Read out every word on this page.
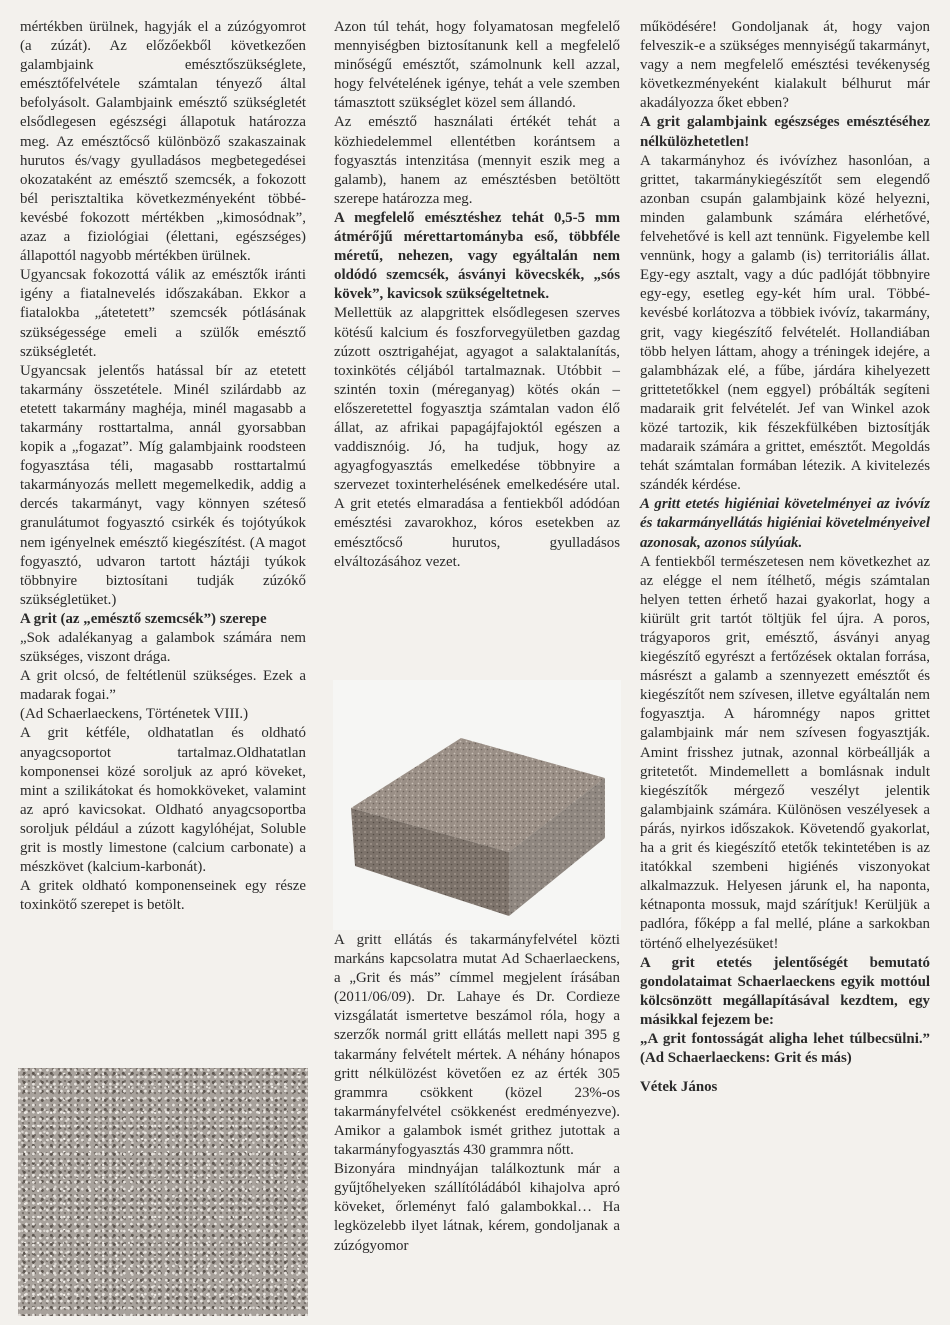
mértékben ürülnek, hagyják el a zúzógyomrot (a zúzát). Az előzőekből következően galambjaink emésztőszükséglete, emésztőfelvétele számtalan tényező által befolyásolt. Galambjaink emésztő szükségletét elsődlegesen egészségi állapotuk határozza meg. Az emésztőcső különböző szakaszainak hurutos és/vagy gyulladásos megbetegedései okozataként az emésztő szemcsék, a fokozott bél perisztaltika következményeként többé-kevésbé fokozott mértékben „kimosódnak”, azaz a fiziológiai (élettani, egészséges) állapottól nagyobb mértékben ürülnek.

Ugyancsak fokozottá válik az emésztők iránti igény a fiatalnevelés időszakában. Ekkor a fiatalokba „átetetett” szemcsék pótlásának szükségessége emeli a szülők emésztő szükségletét.

Ugyancsak jelentős hatással bír az etetett takarmány összetétele. Minél szilárdabb az etetett takarmány maghéja, minél magasabb a takarmány rosttartalma, annál gyorsabban kopik a „fogazat”. Míg galambjaink roodsteen fogyasztása téli, magasabb rosttartalmú takarmányozás mellett megemelkedik, addig a dercés takarmányt, vagy könnyen széteső granulátumot fogyasztó csirkék és tojótyúkok nem igényelnek emésztő kiegészítést. (A magot fogyasztó, udvaron tartott háztáji tyúkok többnyire biztosítani tudják zúzókő szükségletüket.)

A grit (az „emésztő szemcsék”) szerepe

„Sok adalékanyag a galambok számára nem szükséges, viszont drága.

A grit olcsó, de feltétlenül szükséges. Ezek a madarak fogai.”

(Ad Schaerlaeckens, Történetek VIII.)

A grit kétféle, oldhatatlan és oldható anyagcsoportot tartalmaz.Oldhatatlan komponensei közé soroljuk az apró köveket, mint a szilikátokat és homokköveket, valamint az apró kavicsokat. Oldható anyagcsoportba soroljuk például a zúzott kagylóhéjat, Soluble grit is mostly limestone (calcium carbonate) a mészkövet (kalcium-karbonát).

A gritek oldható komponenseinek egy része toxinkötő szerepet is betölt.

Azon túl tehát, hogy folyamatosan megfelelő mennyiségben biztosítanunk kell a megfelelő minőségű emésztőt, számolnunk kell azzal, hogy felvételének igénye, tehát a vele szemben támasztott szükséglet közel sem állandó.

Az emésztő használati értékét tehát a közhiedelemmel ellentétben korántsem a fogyasztás intenzitása (mennyit eszik meg a galamb), hanem az emésztésben betöltött szerepe határozza meg.

A megfelelő emésztéshez tehát 0,5-5 mm átmérőjű mérettartományba eső, többféle méretű, nehezen, vagy egyáltalán nem oldódó szemcsék, ásványi kövecskék, „sós kövek”, kavicsok szükségeltetnek.

Mellettük az alapgrittek elsődlegesen szerves kötésű kalcium és foszforvegyületben gazdag zúzott osztrigahéjat, agyagot a salaktalanítás, toxinkötés céljából tartalmaznak. Utóbbit – szintén toxin (méreganyag) kötés okán – előszeretettel fogyasztja számtalan vadon élő állat, az afrikai papagájfajoktól egészen a vaddisznóig. Jó, ha tudjuk, hogy az agyagfogyasztás emelkedése többnyire a szervezet toxinterhelésének emelkedésére utal. A grit etetés elmaradása a fentiekből adódóan emésztési zavarokhoz, kóros esetekben az emésztőcső hurutos, gyulladásos elváltozásához vezet.

A gritt ellátás és takarmányfelvétel közti markáns kapcsolatra mutat Ad Schaerlaeckens, a „Grit és más” címmel megjelent írásában (2011/06/09). Dr. Lahaye és Dr. Cordieze vizsgálatát ismertetve beszámol róla, hogy a szerzők normál gritt ellátás mellett napi 395 g takarmány felvételt mértek. A néhány hónapos gritt nélkülözést követően ez az érték 305 grammra csökkent (közel 23%-os takarmányfelvétel csökkenést eredményezve). Amikor a galambok ismét grithez jutottak a takarmányfogyasztás 430 grammra nőtt.

Bizonyára mindnyájan találkoztunk már a gyűjtőhelyeken szállítóládából kihajolva apró köveket, őrleményt faló galambokkal… Ha legközelebb ilyet látnak, kérem, gondoljanak a zúzógyomor

működésére! Gondoljanak át, hogy vajon felveszik-e a szükséges mennyiségű takarmányt, vagy a nem megfelelő emésztési tevékenység következményeként kialakult bélhurut már akadályozza őket ebben?

A grit galambjaink egészséges emésztéséhez nélkülözhetetlen!

A takarmányhoz és ivóvízhez hasonlóan, a grittet, takarmánykiegészítőt sem elegendő azonban csupán galambjaink közé helyezni, minden galambunk számára elérhetővé, felvehetővé is kell azt tennünk. Figyelembe kell vennünk, hogy a galamb (is) territoriális állat. Egy-egy asztalt, vagy a dúc padlóját többnyire egy-egy, esetleg egy-két hím ural. Többé-kevésbé korlátozva a többiek ivóvíz, takarmány, grit, vagy kiegészítő felvételét. Hollandiában több helyen láttam, ahogy a tréningek idejére, a galambházak elé, a fűbe, járdára kihelyezett grittetetőkkel (nem eggyel) próbálták segíteni madaraik grit felvételét. Jef van Winkel azok közé tartozik, kik fészekfülkében biztosítják madaraik számára a grittet, emésztőt. Megoldás tehát számtalan formában létezik. A kivitelezés szándék kérdése.

A gritt etetés higiéniai követelményei az ivóvíz és takarmányellátás higiéniai követelményeivel azonosak, azonos súlyúak.

A fentiekből természetesen nem következhet az az elégge el nem ítélhető, mégis számtalan helyen tetten érhető hazai gyakorlat, hogy a kiürült grit tartót töltjük fel újra. A poros, trágyaporos grit, emésztő, ásványi anyag kiegészítő egyrészt a fertőzések oktalan forrása, másrészt a galamb a szennyezett emésztőt és kiegészítőt nem szívesen, illetve egyáltalán nem fogyasztja. A háromnégy napos grittet galambjaink már nem szívesen fogyasztják. Amint frisshez jutnak, azonnal körbeállják a gritetetőt. Mindemellett a bomlásnak indult kiegészítők mérgező veszélyt jelentik galambjaink számára. Különösen veszélyesek a párás, nyirkos időszakok. Követendő gyakorlat, ha a grit és kiegészítő etetők tekintetében is az itatókkal szembeni higiénés viszonyokat alkalmazzuk. Helyesen járunk el, ha naponta, kétnaponta mossuk, majd szárítjuk! Kerüljük a padlóra, főképp a fal mellé, pláne a sarkokban történő elhelyezésüket!

A grit etetés jelentőségét bemutató gondolataimat Schaerlaeckens egyik mottóul kölcsönzött megállapításával kezdtem, egy másikkal fejezem be:

„A grit fontosságát aligha lehet túlbecsülni.” (Ad Schaerlaeckens: Grit és más)

Vétek János
